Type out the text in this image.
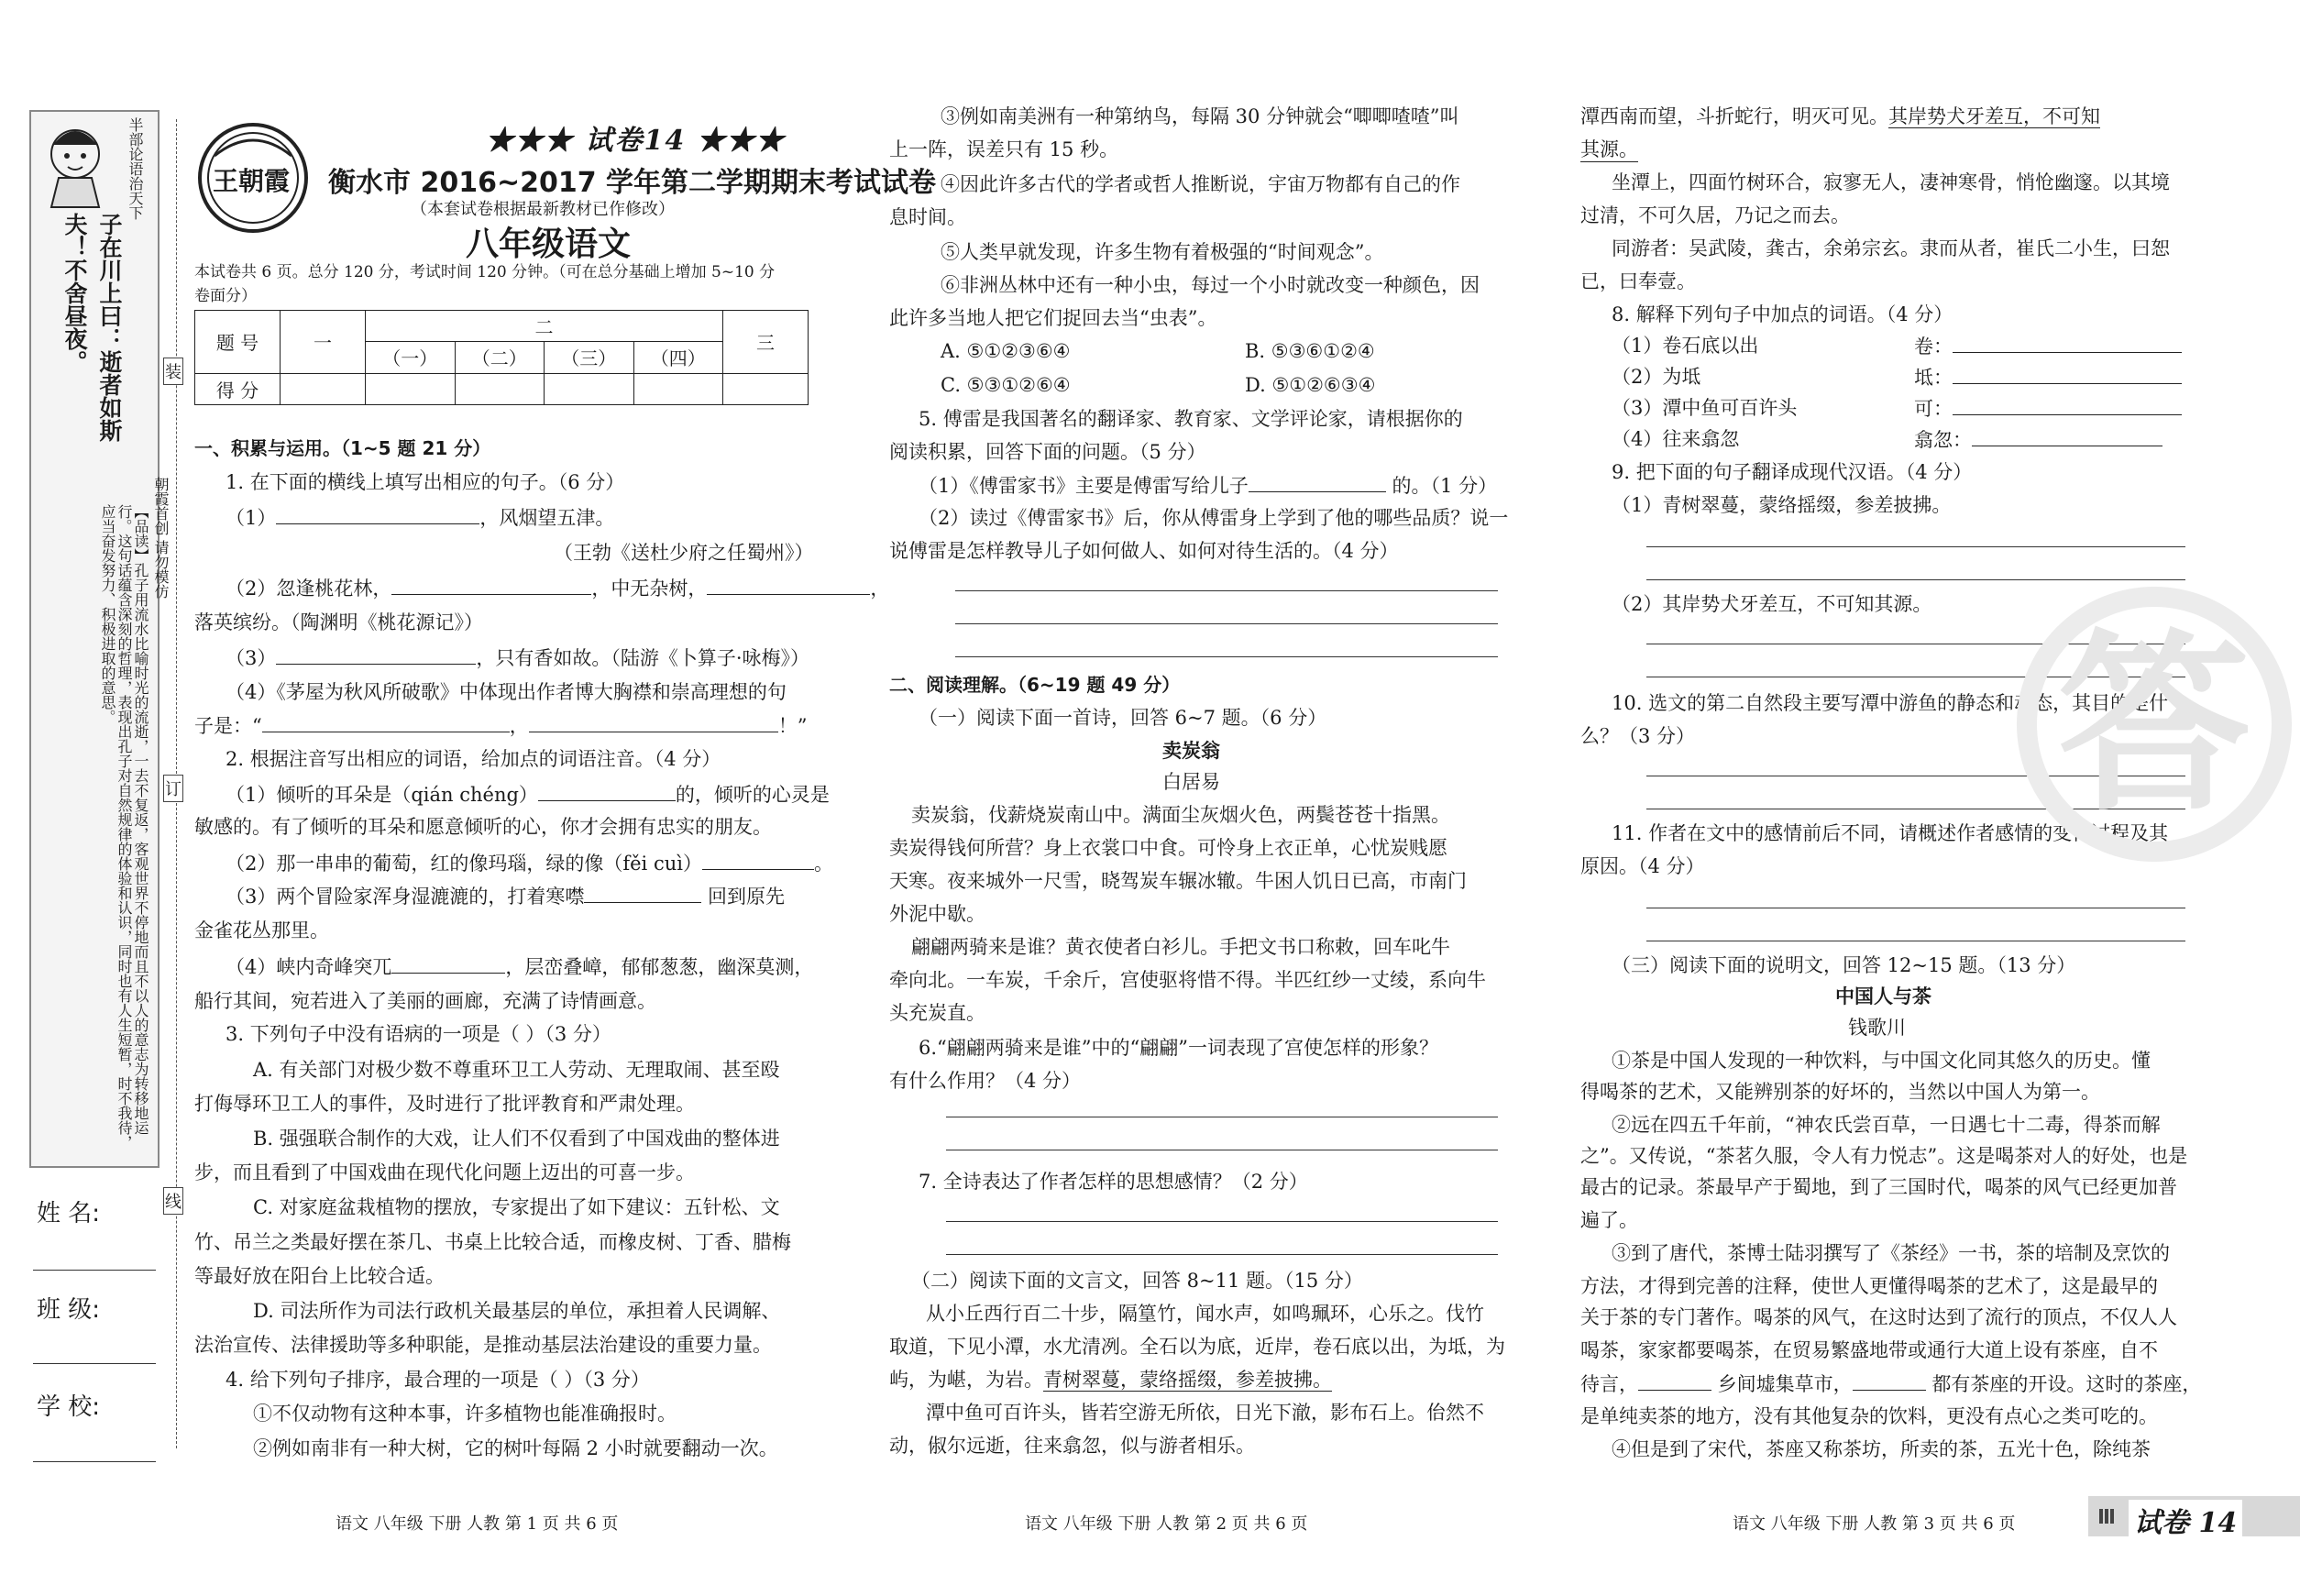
半部论语治天下
子在川上曰：逝者如斯夫！不舍昼夜。
【品读】孔子用流水比喻时光的流逝，一去不复返，客观世界不停地而且不以人的意志为转移地运行。这句话蕴含深刻的哲理，表现出孔子对自然规律的体验和认识，同时也有人生短暂，时不我待，应当奋发努力、积极进取的意思。
装
订
线
朝霞首创 请勿模仿
姓 名:
班 级:
学 校:
王朝霞
★★★ 试卷14 ★★★
衡水市 2016~2017 学年第二学期期末考试试卷
（本套试卷根据最新教材已作修改）
八年级语文
本试卷共 6 页。总分 120 分，考试时间 120 分钟。（可在总分基础上增加 5~10 分
卷面分）
题 号	一	二				三
		（一）	（二）	（三）	（四）	
得 分						
一、积累与运用。（1~5 题 21 分）
1. 在下面的横线上填写出相应的句子。（6 分）
（1）	，风烟望五津。
（王勃《送杜少府之任蜀州》）
（2）忽逢桃花林，	，中无杂树，	，
落英缤纷。（陶渊明《桃花源记》）
（3）	，只有香如故。（陆游《卜算子·咏梅》）
（4）《茅屋为秋风所破歌》中体现出作者博大胸襟和崇高理想的句
子是：“	，	！”
2. 根据注音写出相应的词语，给加点的词语注音。（4 分）
（1）倾听的耳朵是（qián chéng）	的，倾听的心灵是
敏感的。有了倾听的耳朵和愿意倾听的心，你才会拥有忠实的朋友。
（2）那一串串的葡萄，红的像玛瑙，绿的像（fěi cuì）	。
（3）两个冒险家浑身湿漉漉的，打着寒噤	回到原先
金雀花丛那里。
（4）峡内奇峰突兀	，层峦叠嶂，郁郁葱葱，幽深莫测，
船行其间，宛若进入了美丽的画廊，充满了诗情画意。
3. 下列句子中没有语病的一项是（ ）（3 分）
A. 有关部门对极少数不尊重环卫工人劳动、无理取闹、甚至殴
打侮辱环卫工人的事件，及时进行了批评教育和严肃处理。
B. 强强联合制作的大戏，让人们不仅看到了中国戏曲的整体进
步，而且看到了中国戏曲在现代化问题上迈出的可喜一步。
C. 对家庭盆栽植物的摆放，专家提出了如下建议：五针松、文
竹、吊兰之类最好摆在茶几、书桌上比较合适，而橡皮树、丁香、腊梅
等最好放在阳台上比较合适。
D. 司法所作为司法行政机关最基层的单位，承担着人民调解、
法治宣传、法律援助等多种职能，是推动基层法治建设的重要力量。
4. 给下列句子排序，最合理的一项是（ ）（3 分）
①不仅动物有这种本事，许多植物也能准确报时。
②例如南非有一种大树，它的树叶每隔 2 小时就要翻动一次。
③例如南美洲有一种第纳鸟，每隔 30 分钟就会“唧唧喳喳”叫
上一阵，误差只有 15 秒。
④因此许多古代的学者或哲人推断说，宇宙万物都有自己的作
息时间。
⑤人类早就发现，许多生物有着极强的“时间观念”。
⑥非洲丛林中还有一种小虫，每过一个小时就改变一种颜色，因
此许多当地人把它们捉回去当“虫表”。
A. ⑤①②③⑥④	B. ⑤③⑥①②④
C. ⑤③①②⑥④	D. ⑤①②⑥③④
5. 傅雷是我国著名的翻译家、教育家、文学评论家，请根据你的
阅读积累，回答下面的问题。（5 分）
（1）《傅雷家书》主要是傅雷写给儿子	的。（1 分）
（2）读过《傅雷家书》后，你从傅雷身上学到了他的哪些品质？说一
说傅雷是怎样教导儿子如何做人、如何对待生活的。（4 分）
二、阅读理解。（6~19 题 49 分）
（一）阅读下面一首诗，回答 6~7 题。（6 分）
卖炭翁
白居易
卖炭翁，伐薪烧炭南山中。满面尘灰烟火色，两鬓苍苍十指黑。
卖炭得钱何所营？身上衣裳口中食。可怜身上衣正单，心忧炭贱愿
天寒。夜来城外一尺雪，晓驾炭车辗冰辙。牛困人饥日已高，市南门
外泥中歇。
翩翩两骑来是谁？黄衣使者白衫儿。手把文书口称敕，回车叱牛
牵向北。一车炭，千余斤，宫使驱将惜不得。半匹红纱一丈绫，系向牛
头充炭直。
6.“翩翩两骑来是谁”中的“翩翩”一词表现了宫使怎样的形象？
有什么作用？（4 分）
7. 全诗表达了作者怎样的思想感情？（2 分）
（二）阅读下面的文言文，回答 8~11 题。（15 分）
从小丘西行百二十步，隔篁竹，闻水声，如鸣珮环，心乐之。伐竹
取道，下见小潭，水尤清冽。全石以为底，近岸，卷石底以出，为坻，为
屿，为嵁，为岩。青树翠蔓，蒙络摇缀，参差披拂。
潭中鱼可百许头，皆若空游无所依，日光下澈，影布石上。佁然不
动，俶尔远逝，往来翕忽，似与游者相乐。
潭西南而望，斗折蛇行，明灭可见。其岸势犬牙差互，不可知
其源。
坐潭上，四面竹树环合，寂寥无人，凄神寒骨，悄怆幽邃。以其境
过清，不可久居，乃记之而去。
同游者：吴武陵，龚古，余弟宗玄。隶而从者，崔氏二小生，曰恕
已，曰奉壹。
8. 解释下列句子中加点的词语。（4 分）
（1）卷石底以出	卷：
（2）为坻	坻：
（3）潭中鱼可百许头	可：
（4）往来翕忽	翕忽：
9. 把下面的句子翻译成现代汉语。（4 分）
（1）青树翠蔓，蒙络摇缀，参差披拂。
（2）其岸势犬牙差互，不可知其源。
10. 选文的第二自然段主要写潭中游鱼的静态和动态，其目的是什
么？（3 分）
11. 作者在文中的感情前后不同，请概述作者感情的变化过程及其
原因。（4 分）
（三）阅读下面的说明文，回答 12~15 题。（13 分）
中国人与茶
钱歌川
①茶是中国人发现的一种饮料，与中国文化同其悠久的历史。懂
得喝茶的艺术，又能辨别茶的好坏的，当然以中国人为第一。
②远在四五千年前，“神农氏尝百草，一日遇七十二毒，得茶而解
之”。又传说，“茶茗久服，令人有力悦志”。这是喝茶对人的好处，也是
最古的记录。茶最早产于蜀地，到了三国时代，喝茶的风气已经更加普
遍了。
③到了唐代，茶博士陆羽撰写了《茶经》一书，茶的培制及烹饮的
方法，才得到完善的注释，使世人更懂得喝茶的艺术了，这是最早的
关于茶的专门著作。喝茶的风气，在这时达到了流行的顶点，不仅人人
喝茶，家家都要喝茶，在贸易繁盛地带或通行大道上设有茶座，自不
待言，	乡间墟集草市，	都有茶座的开设。这时的茶座，
是单纯卖茶的地方，没有其他复杂的饮料，更没有点心之类可吃的。
④但是到了宋代，茶座又称茶坊，所卖的茶，五光十色，除纯茶
答
语文 八年级 下册 人教 第 1 页 共 6 页	语文 八年级 下册 人教 第 2 页 共 6 页	语文 八年级 下册 人教 第 3 页 共 6 页	试卷 14
